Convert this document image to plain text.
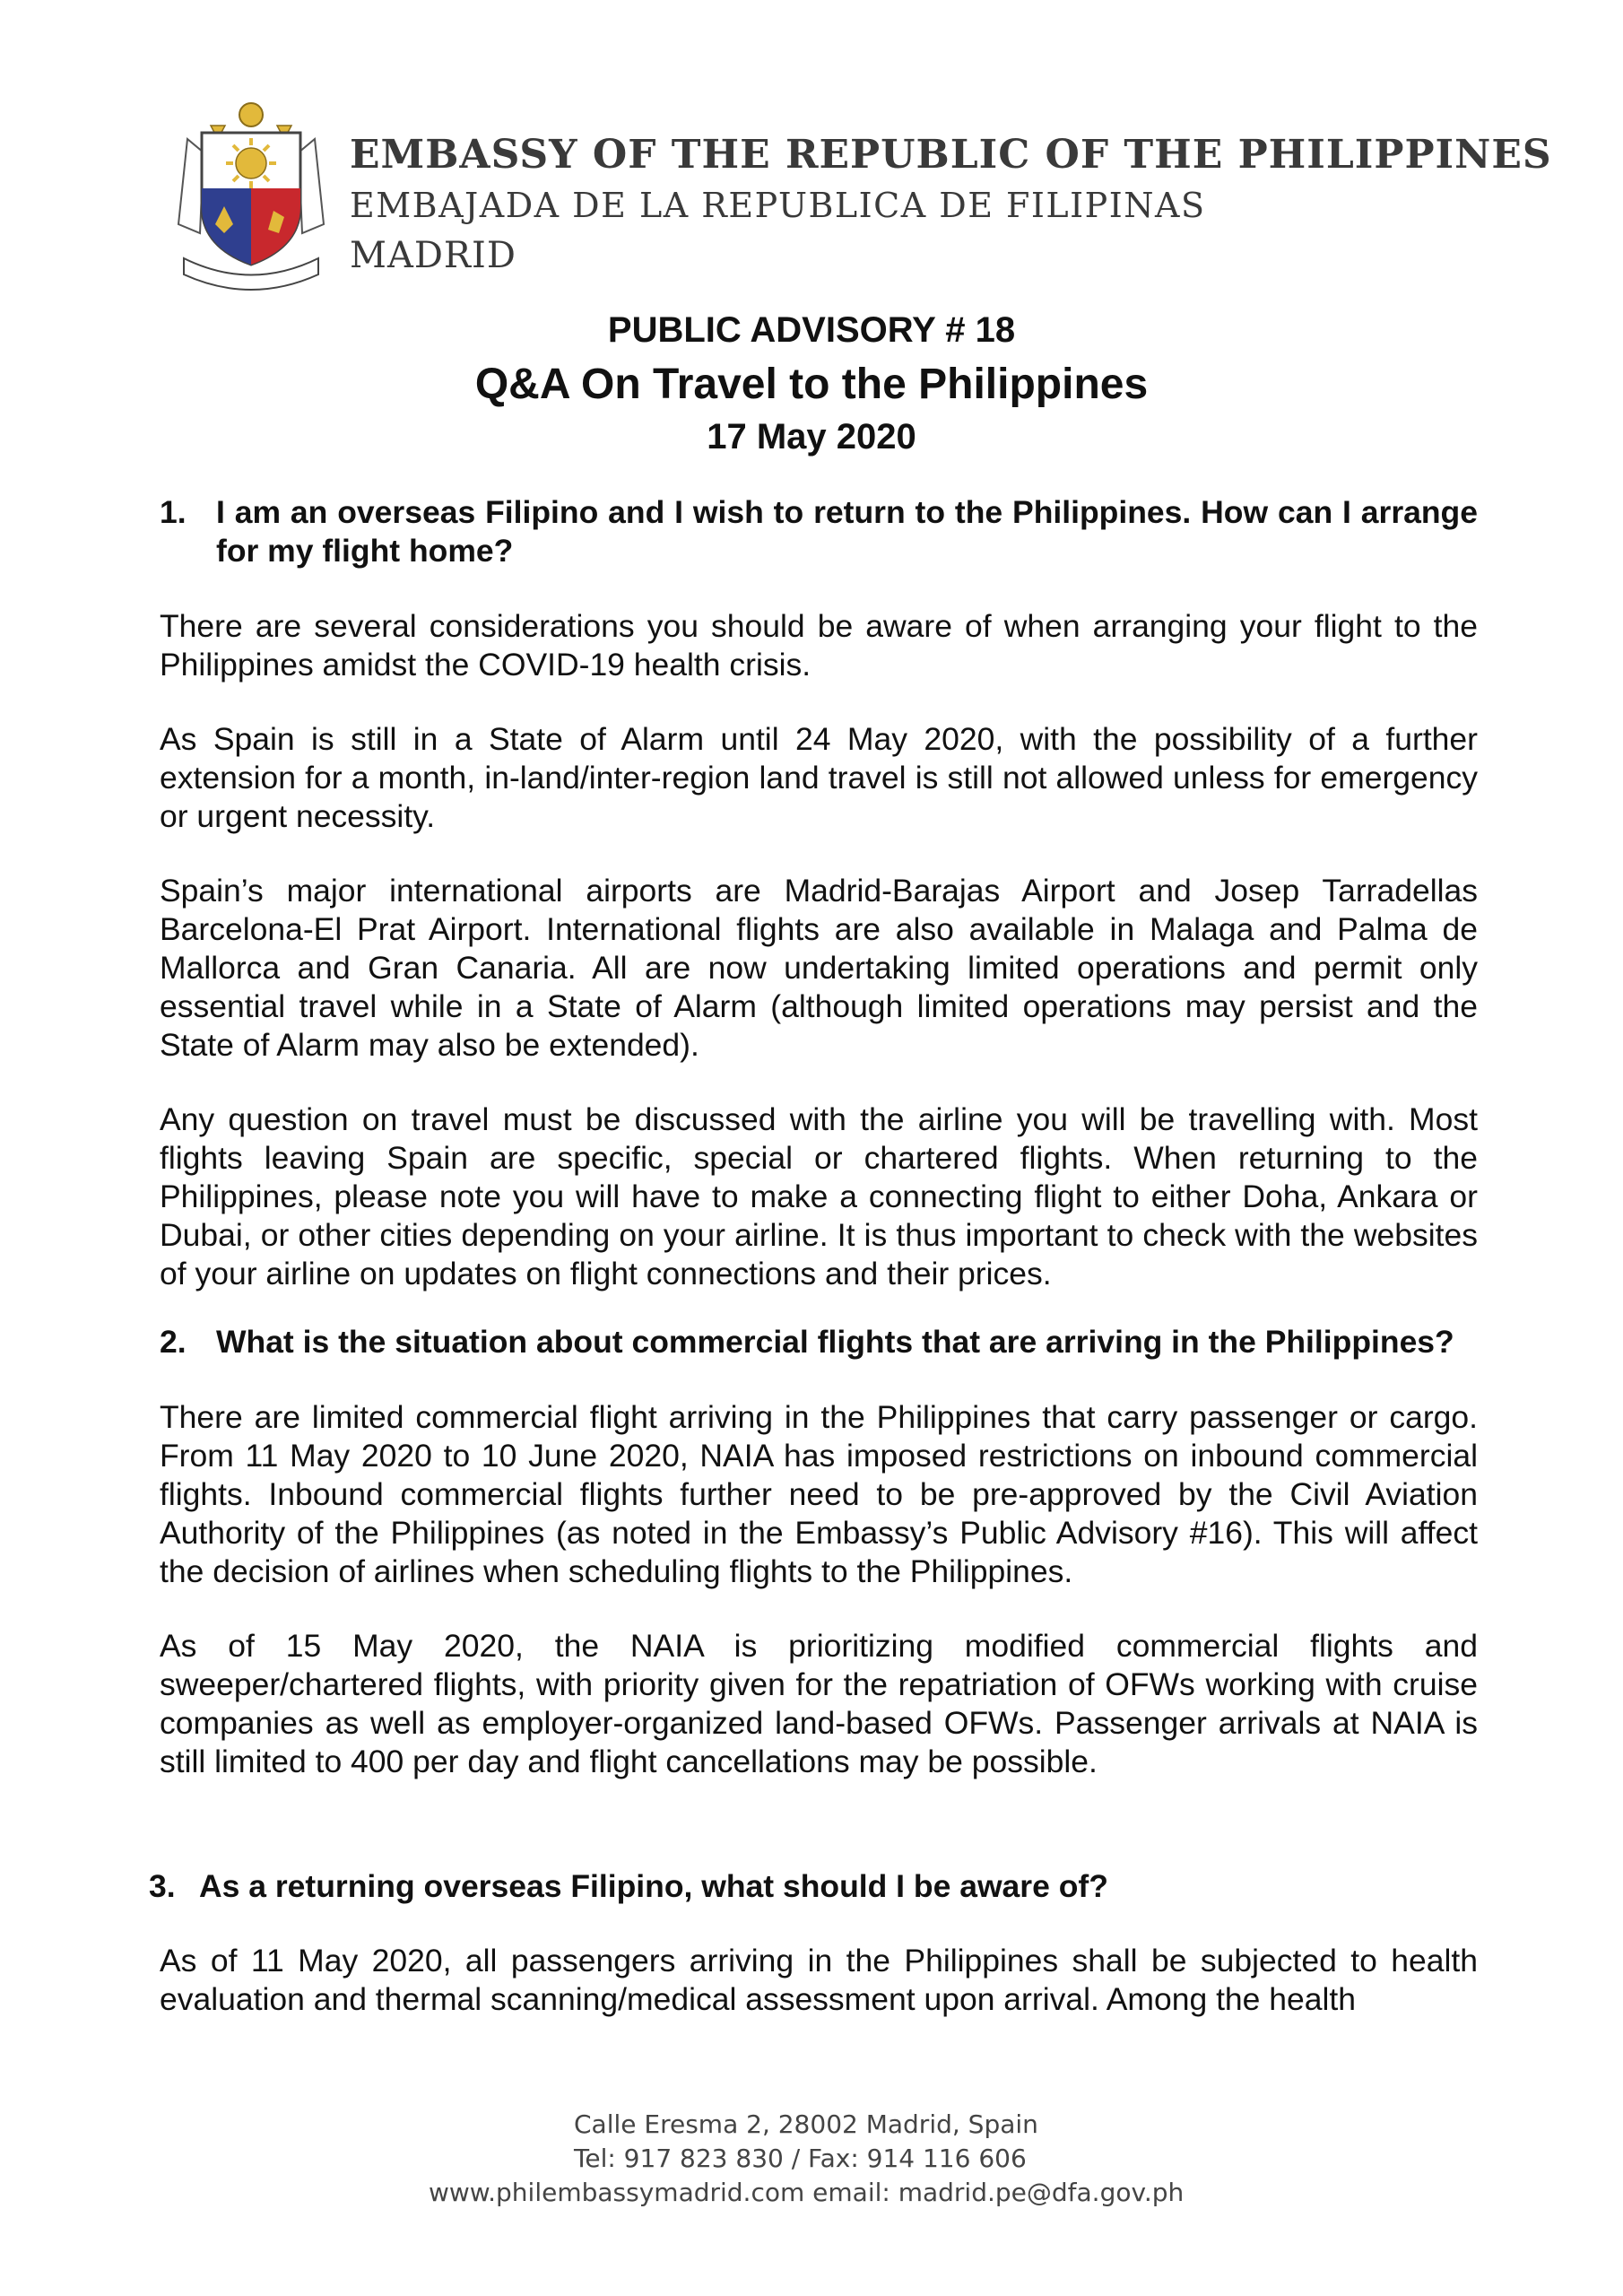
EMBASSY OF THE REPUBLIC OF THE PHILIPPINES
EMBAJADA DE LA REPUBLICA DE FILIPINAS
MADRID
PUBLIC ADVISORY # 18
Q&A On Travel to the Philippines
17 May 2020
1. I am an overseas Filipino and I wish to return to the Philippines. How can I arrange for my flight home?

There are several considerations you should be aware of when arranging your flight to the Philippines amidst the COVID-19 health crisis.

As Spain is still in a State of Alarm until 24 May 2020, with the possibility of a further extension for a month, in-land/inter-region land travel is still not allowed unless for emergency or urgent necessity.

Spain’s major international airports are Madrid-Barajas Airport and Josep Tarradellas Barcelona-El Prat Airport. International flights are also available in Malaga and Palma de Mallorca and Gran Canaria. All are now undertaking limited operations and permit only essential travel while in a State of Alarm (although limited operations may persist and the State of Alarm may also be extended).

Any question on travel must be discussed with the airline you will be travelling with. Most flights leaving Spain are specific, special or chartered flights. When returning to the Philippines, please note you will have to make a connecting flight to either Doha, Ankara or Dubai, or other cities depending on your airline. It is thus important to check with the websites of your airline on updates on flight connections and their prices.

2. What is the situation about commercial flights that are arriving in the Philippines?

There are limited commercial flight arriving in the Philippines that carry passenger or cargo. From 11 May 2020 to 10 June 2020, NAIA has imposed restrictions on inbound commercial flights. Inbound commercial flights further need to be pre-approved by the Civil Aviation Authority of the Philippines (as noted in the Embassy’s Public Advisory #16). This will affect the decision of airlines when scheduling flights to the Philippines.

As of 15 May 2020, the NAIA is prioritizing modified commercial flights and sweeper/chartered flights, with priority given for the repatriation of OFWs working with cruise companies as well as employer-organized land-based OFWs. Passenger arrivals at NAIA is still limited to 400 per day and flight cancellations may be possible.

3. As a returning overseas Filipino, what should I be aware of?

As of 11 May 2020, all passengers arriving in the Philippines shall be subjected to health evaluation and thermal scanning/medical assessment upon arrival. Among the health

Calle Eresma 2, 28002 Madrid, Spain
Tel: 917 823 830 / Fax: 914 116 606
www.philembassymadrid.com email: madrid.pe@dfa.gov.ph
